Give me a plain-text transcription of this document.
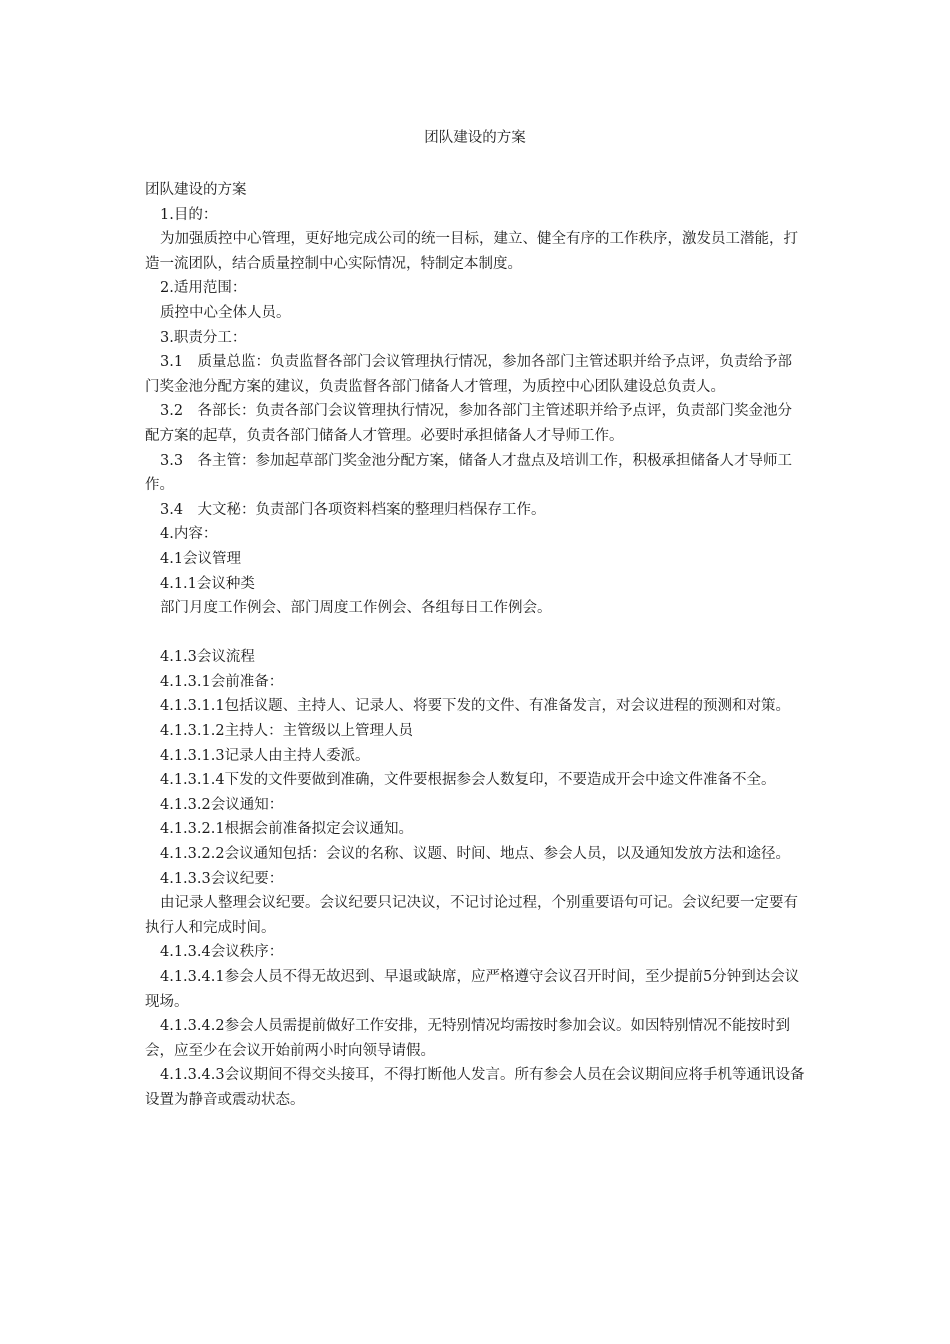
团队建设的方案

团队建设的方案

1.目的：

为加强质控中心管理，更好地完成公司的统一目标，建立、健全有序的工作秩序，激发员工潜能，打造一流团队，结合质量控制中心实际情况，特制定本制度。

2.适用范围：

质控中心全体人员。

3.职责分工：

3.1　质量总监：负责监督各部门会议管理执行情况，参加各部门主管述职并给予点评，负责给予部门奖金池分配方案的建议，负责监督各部门储备人才管理，为质控中心团队建设总负责人。

3.2　各部长：负责各部门会议管理执行情况，参加各部门主管述职并给予点评，负责部门奖金池分配方案的起草，负责各部门储备人才管理。必要时承担储备人才导师工作。

3.3　各主管：参加起草部门奖金池分配方案，储备人才盘点及培训工作，积极承担储备人才导师工作。

3.4　大文秘：负责部门各项资料档案的整理归档保存工作。

4.内容：

4.1会议管理

4.1.1会议种类

部门月度工作例会、部门周度工作例会、各组每日工作例会。

4.1.3会议流程

4.1.3.1会前准备：

4.1.3.1.1包括议题、主持人、记录人、将要下发的文件、有准备发言，对会议进程的预测和对策。

4.1.3.1.2主持人：主管级以上管理人员

4.1.3.1.3记录人由主持人委派。

4.1.3.1.4下发的文件要做到准确，文件要根据参会人数复印，不要造成开会中途文件准备不全。

4.1.3.2会议通知：

4.1.3.2.1根据会前准备拟定会议通知。

4.1.3.2.2会议通知包括：会议的名称、议题、时间、地点、参会人员，以及通知发放方法和途径。

4.1.3.3会议纪要：

由记录人整理会议纪要。会议纪要只记决议，不记讨论过程，个别重要语句可记。会议纪要一定要有执行人和完成时间。

4.1.3.4会议秩序：

4.1.3.4.1参会人员不得无故迟到、早退或缺席，应严格遵守会议召开时间，至少提前5分钟到达会议现场。

4.1.3.4.2参会人员需提前做好工作安排，无特别情况均需按时参加会议。如因特别情况不能按时到会，应至少在会议开始前两小时向领导请假。

4.1.3.4.3会议期间不得交头接耳，不得打断他人发言。所有参会人员在会议期间应将手机等通讯设备设置为静音或震动状态。
